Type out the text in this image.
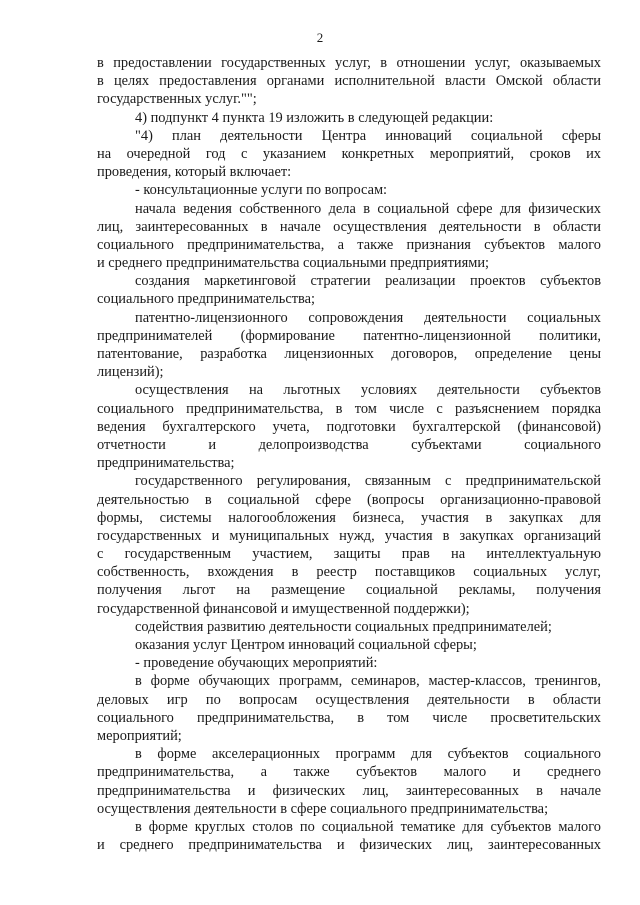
2
в предоставлении государственных услуг, в отношении услуг, оказываемых
в целях предоставления органами исполнительной власти Омской области
государственных услуг."";
4) подпункт 4 пункта 19 изложить в следующей редакции:
"4) план деятельности Центра инноваций социальной сферы
на очередной год с указанием конкретных мероприятий, сроков их
проведения, который включает:
- консультационные услуги по вопросам:
начала ведения собственного дела в социальной сфере для физических
лиц, заинтересованных в начале осуществления деятельности в области
социального предпринимательства, а также признания субъектов малого
и среднего предпринимательства социальными предприятиями;
создания маркетинговой стратегии реализации проектов субъектов
социального предпринимательства;
патентно-лицензионного сопровождения деятельности социальных
предпринимателей (формирование патентно-лицензионной политики,
патентование, разработка лицензионных договоров, определение цены
лицензий);
осуществления на льготных условиях деятельности субъектов
социального предпринимательства, в том числе с разъяснением порядка
ведения бухгалтерского учета, подготовки бухгалтерской (финансовой)
отчетности и делопроизводства субъектами социального
предпринимательства;
государственного регулирования, связанным с предпринимательской
деятельностью в социальной сфере (вопросы организационно-правовой
формы, системы налогообложения бизнеса, участия в закупках для
государственных и муниципальных нужд, участия в закупках организаций
с государственным участием, защиты прав на интеллектуальную
собственность, вхождения в реестр поставщиков социальных услуг,
получения льгот на размещение социальной рекламы, получения
государственной финансовой и имущественной поддержки);
содействия развитию деятельности социальных предпринимателей;
оказания услуг Центром инноваций социальной сферы;
- проведение обучающих мероприятий:
в форме обучающих программ, семинаров, мастер-классов, тренингов,
деловых игр по вопросам осуществления деятельности в области
социального предпринимательства, в том числе просветительских
мероприятий;
в форме акселерационных программ для субъектов социального
предпринимательства, а также субъектов малого и среднего
предпринимательства и физических лиц, заинтересованных в начале
осуществления деятельности в сфере социального предпринимательства;
в форме круглых столов по социальной тематике для субъектов малого
и среднего предпринимательства и физических лиц, заинтересованных
